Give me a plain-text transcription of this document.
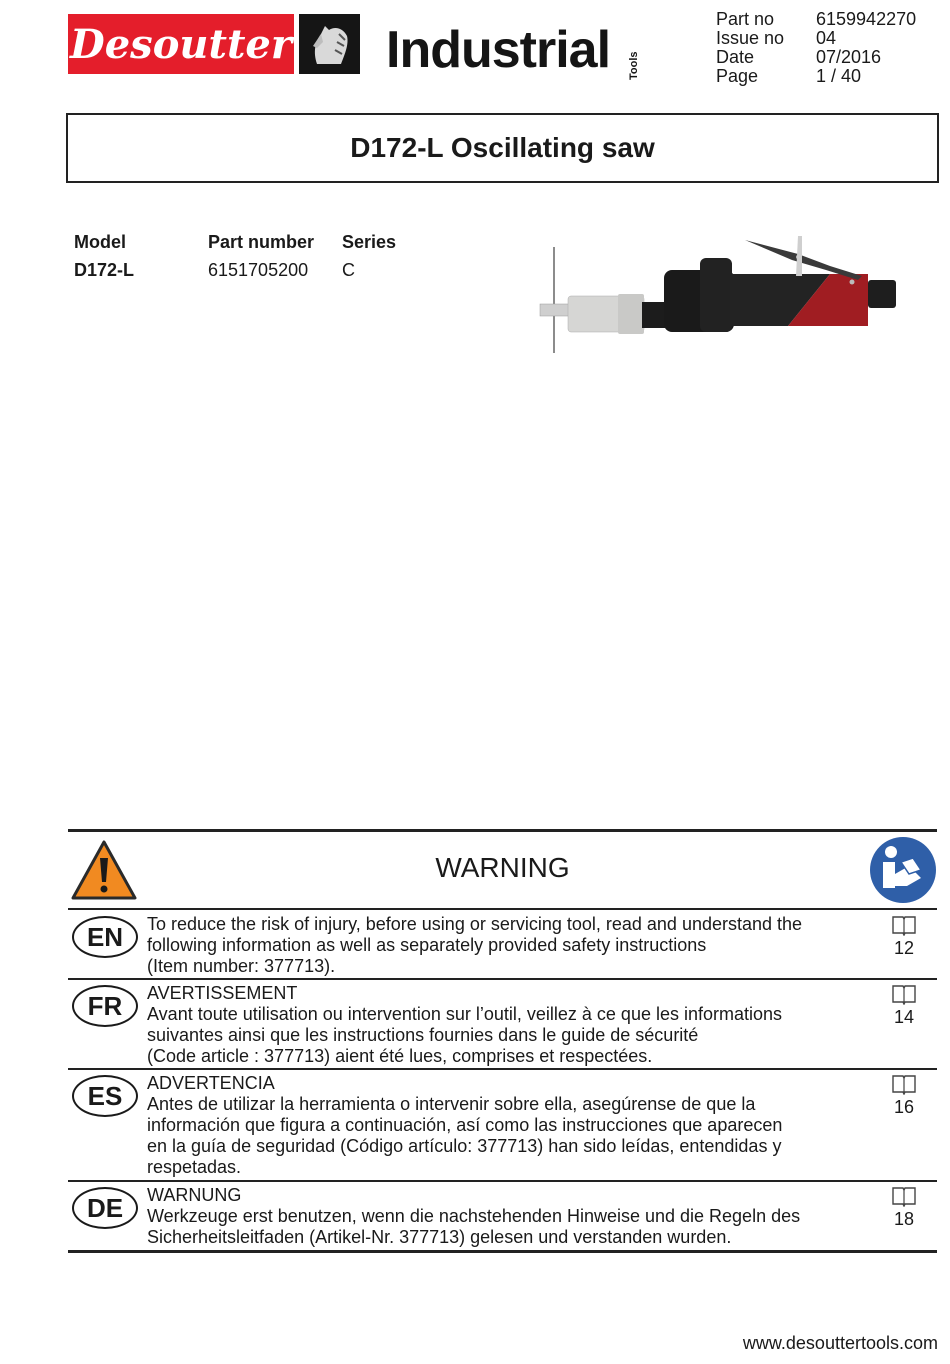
Desoutter Industrial Tools
Part no	6159942270
Issue no	04
Date	07/2016
Page	1 / 40
D172-L Oscillating saw
Model	Part number	Series
D172-L	6151705200	C
WARNING
EN	To reduce the risk of injury, before using or servicing tool, read and understand the
following information as well as separately provided safety instructions
(Item number: 377713).
12
FR	AVERTISSEMENT
Avant toute utilisation ou intervention sur l’outil, veillez à ce que les informations
suivantes ainsi que les instructions fournies dans le guide de sécurité
(Code article : 377713) aient été lues, comprises et respectées.
14
ES	ADVERTENCIA
Antes de utilizar la herramienta o intervenir sobre ella, asegúrense de que la
información que figura a continuación, así como las instrucciones que aparecen
en la guía de seguridad (Código artículo: 377713) han sido leídas, entendidas y
respetadas.
16
DE	WARNUNG
Werkzeuge erst benutzen, wenn die nachstehenden Hinweise und die Regeln des
Sicherheitsleitfaden (Artikel-Nr. 377713) gelesen und verstanden wurden.
18
www.desouttertools.com
